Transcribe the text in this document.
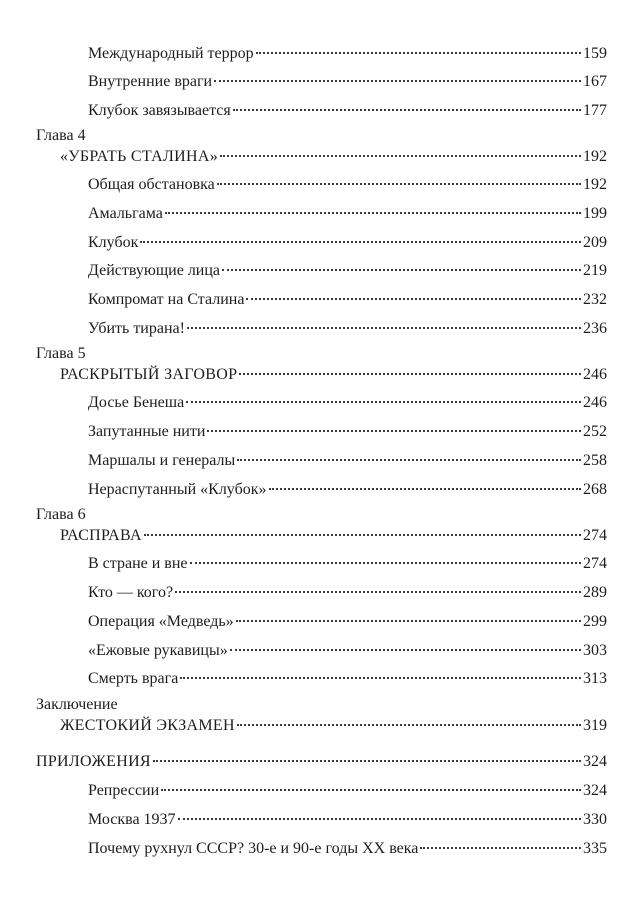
Международный террор	159
Внутренние враги	167
Клубок завязывается	177
Глава 4
«УБРАТЬ СТАЛИНА»	192
Общая обстановка	192
Амальгама	199
Клубок	209
Действующие лица	219
Компромат на Сталина	232
Убить тирана!	236
Глава 5
РАСКРЫТЫЙ ЗАГОВОР	246
Досье Бенеша	246
Запутанные нити	252
Маршалы и генералы	258
Нераспутанный «Клубок»	268
Глава 6
РАСПРАВА	274
В стране и вне	274
Кто — кого?	289
Операция «Медведь»	299
«Ежовые рукавицы»	303
Смерть врага	313
Заключение
ЖЕСТОКИЙ ЭКЗАМЕН	319
ПРИЛОЖЕНИЯ	324
Репрессии	324
Москва 1937	330
Почему рухнул СССР? 30-е и 90-е годы XX века	335
